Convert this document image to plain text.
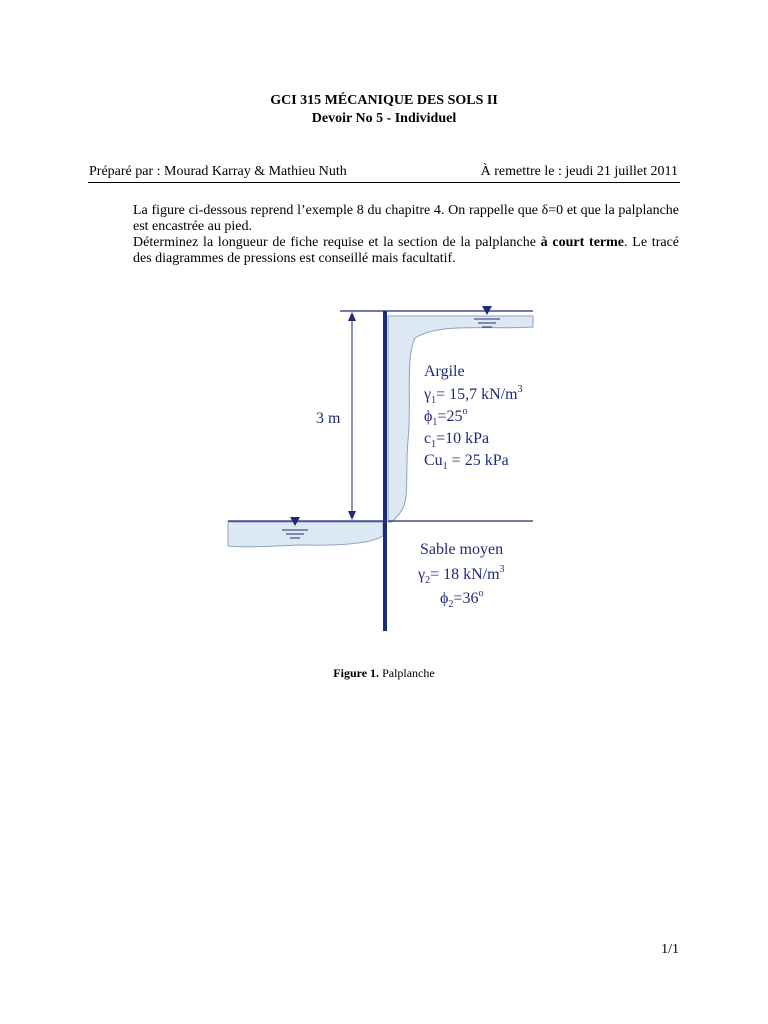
GCI 315 MÉCANIQUE DES SOLS II
Devoir No 5 - Individuel
Préparé par : Mourad Karray & Mathieu Nuth	À remettre le : jeudi 21 juillet 2011

La figure ci-dessous reprend l’exemple 8 du chapitre 4. On rappelle que δ=0 et que la palplanche est encastrée au pied.

Déterminez la longueur de fiche requise et la section de la palplanche à court terme. Le tracé des diagrammes de pressions est conseillé mais facultatif.

3 m
Argile
$\gamma_1= 15,7$ $kN/m^3$
$\phi_1=25^o$
$c_1=10$ kPa
$Cu_1 = 25$ kPa
Sable moyen
$\gamma_2= 18$ $kN/m^3$
$\phi_2=36^o$
Figure 1. Palplanche
1/1
